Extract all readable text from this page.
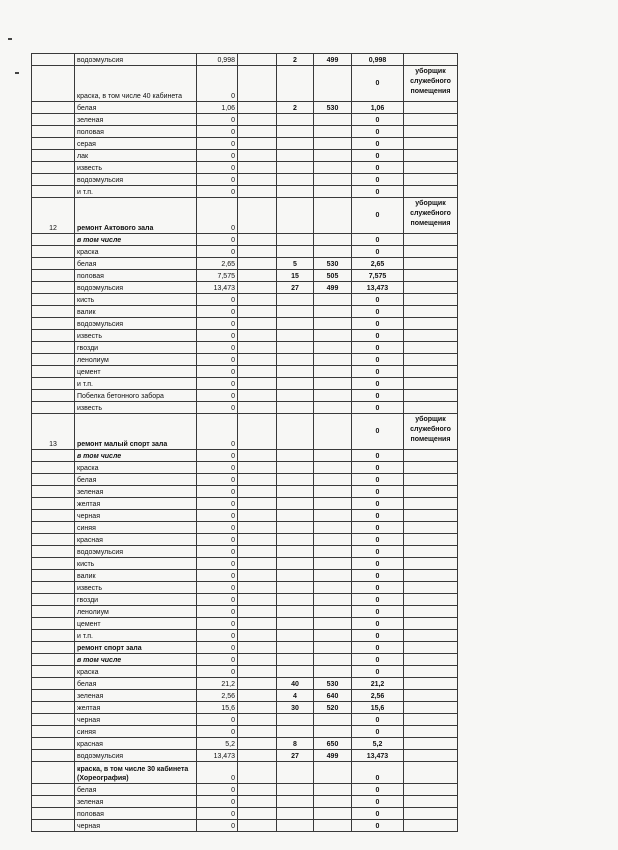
	водоэмульсия	0,998		2	499	0,998	
	краска, в том числе 40 кабинета	0				0	уборщик служебного помещения
	белая	1,06		2	530	1,06	
	зеленая	0				0	
	половая	0				0	
	серая	0				0	
	лак	0				0	
	известь	0				0	
	водоэмульсия	0				0	
	и т.п.	0				0	
12	ремонт Актового зала	0				0	уборщик служебного помещения
	в том числе	0				0	
	краска	0				0	
	белая	2,65		5	530	2,65	
	половая	7,575		15	505	7,575	
	водоэмульсия	13,473		27	499	13,473	
	кисть	0				0	
	валик	0				0	
	водоэмульсия	0				0	
	известь	0				0	
	гвозди	0				0	
	ленолиум	0				0	
	цемент	0				0	
	и т.п.	0				0	
	Побелка бетонного забора	0				0	
	известь	0				0	
13	ремонт малый спорт зала	0				0	уборщик служебного помещения
	в том числе	0				0	
	краска	0				0	
	белая	0				0	
	зеленая	0				0	
	желтая	0				0	
	черная	0				0	
	синяя	0				0	
	красная	0				0	
	водоэмульсия	0				0	
	кисть	0				0	
	валик	0				0	
	известь	0				0	
	гвозди	0				0	
	ленолиум	0				0	
	цемент	0				0	
	и т.п.	0				0	
	ремонт спорт зала	0				0	
	в том числе	0				0	
	краска	0				0	
	белая	21,2		40	530	21,2	
	зеленая	2,56		4	640	2,56	
	желтая	15,6		30	520	15,6	
	черная	0				0	
	синяя	0				0	
	красная	5,2		8	650	5,2	
	водоэмульсия	13,473		27	499	13,473	
	краска, в том числе 30 кабинета (Хореография)	0				0	
	белая	0				0	
	зеленая	0				0	
	половая	0				0	
	черная	0				0	
